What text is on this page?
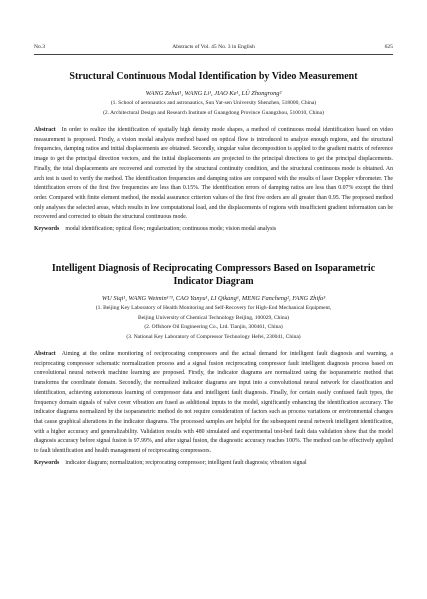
No.3	Abstracts of Vol. 45 No. 3 in English	625
Structural Continuous Modal Identification by Video Measurement
WANG Zehui¹, WANG Li¹, JIAO Ke¹, LÜ Zhongrong²
(1. School of aeronautics and astronautics, Sun Yat-sen University Shenzhen, 518000, China)
(2. Architectural Design and Research Institute of Guangdong Province Guangzhou, 510010, China)
Abstract In order to realize the identification of spatially high density mode shapes, a method of continuous modal identification based on video measurement is proposed. Firstly, a vision modal analysis method based on optical flow is introduced to analyze enough regions, and the structural frequencies, damping ratios and initial displacements are obtained. Secondly, singular value decomposition is applied to the gradient matrix of reference image to get the principal direction vectors, and the initial displacements are projected to the principal directions to get the principal displacements. Finally, the total displacements are recovered and corrected by the structural continuity condition, and the structural continuous mode is obtained. An arch test is used to verify the method. The identification frequencies and damping ratios are compared with the results of laser Doppler vibrometer. The identification errors of the first five frequencies are less than 0.15%. The identification errors of damping ratios are less than 0.07% except the third order. Compared with finite element method, the modal assurance criterion values of the first five orders are all greater than 0.95. The proposed method only analyses the selected areas, which results in low computational load, and the displacements of regions with insufficient gradient information can be recovered and corrected to obtain the structural continuous mode.
Keywords modal identification; optical flow; regularization; continuous mode; vision modal analysis
Intelligent Diagnosis of Reciprocating Compressors Based on Isoparametric Indicator Diagram
WU Siqi¹, WANG Weimin¹ʼ³, CAO Yanyu¹, LI Qikang¹, MENG Fancheng², FANG Zhifa³
(1. Beijing Key Laboratory of Health Monitoring and Self-Recovery for High-End Mechanical Equipment,
Beijing University of Chemical Technology Beijing, 100029, China)
(2. Offshore Oil Engineering Co., Ltd. Tianjin, 300461, China)
(3. National Key Laboratory of Compressor Technology Hefei, 230041, China)
Abstract Aiming at the online monitoring of reciprocating compressors and the actual demand for intelligent fault diagnosis and warning, a reciprocating compressor schematic normalization process and a signal fusion reciprocating compressor fault intelligent diagnosis process based on convolutional neural network machine learning are proposed. Firstly, the indicator diagrams are normalized using the isoparametric method that transforms the coordinate domain. Secondly, the normalized indicator diagrams are input into a convolutional neural network for classification and identification, achieving autonomous learning of compressor data and intelligent fault diagnosis. Finally, for certain easily confused fault types, the frequency domain signals of valve cover vibration are fused as additional inputs to the model, significantly enhancing the identification accuracy. The indicator diagrams normalized by the isoparametric method do not require consideration of factors such as process variations or environmental changes that cause graphical alterations in the indicator diagrams. The processed samples are helpful for the subsequent neural network intelligent identification, with a higher accuracy and generalizability. Validation results with 480 simulated and experimental test-bed fault data validation show that the model diagnosis accuracy before signal fusion is 97.99%, and after signal fusion, the diagnostic accuracy reaches 100%. The method can be effectively applied to fault identification and health management of reciprocating compressors.
Keywords indicator diagram; normalization; reciprocating compressor; intelligent fault diagnosis; vibration signal
